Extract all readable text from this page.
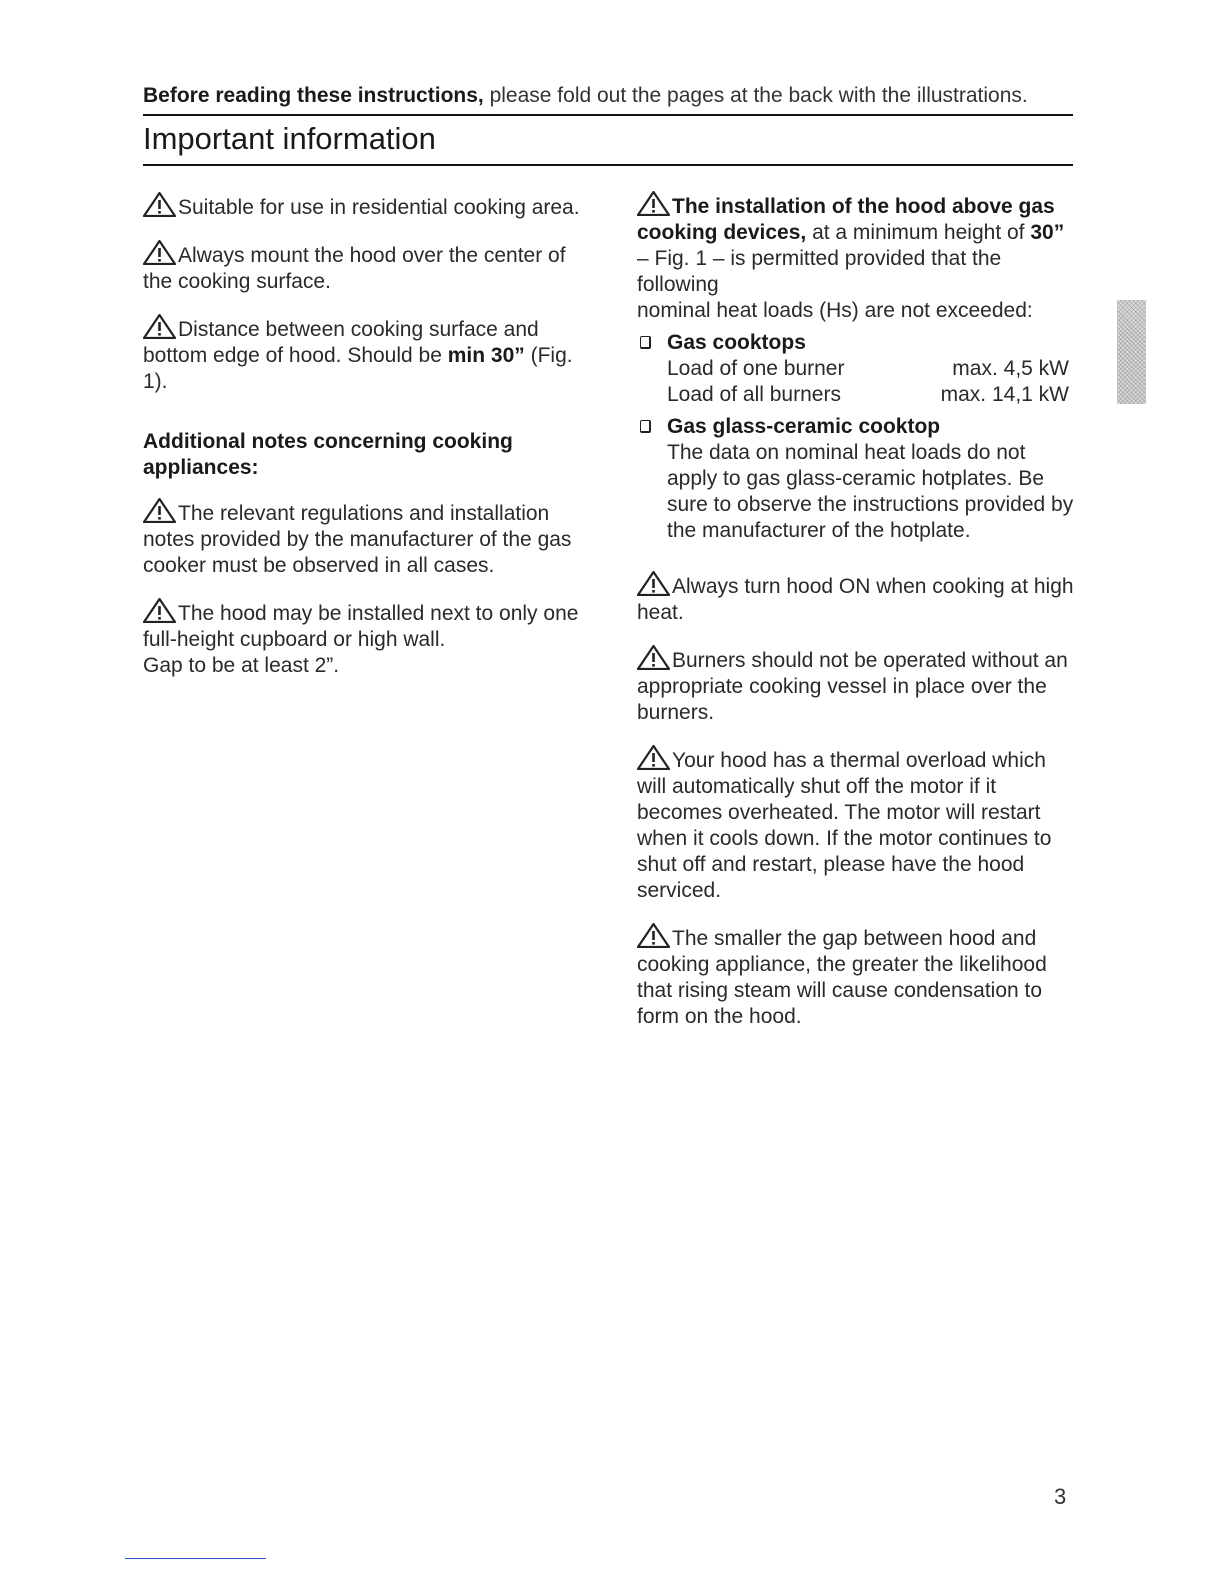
Before reading these instructions, please fold out the pages at the back with the illustrations.
Important information

Suitable for use in residential cooking area.

Always mount the hood over the center of the cooking surface.

Distance between cooking surface and bottom edge of hood. Should be min 30” (Fig. 1).

Additional notes concerning cooking appliances:

The relevant regulations and installation notes provided by the manufacturer of the gas cooker must be observed in all cases.

The hood may be installed next to only one full-height cupboard or high wall.
Gap to be at least 2”.

The installation of the hood above gas cooking devices, at a minimum height of 30” – Fig. 1 – is permitted provided that the following
nominal heat loads (Hs) are not exceeded:
Gas cooktops
Load of one burner	max. 4,5 kW
Load of all burners	max. 14,1 kW
Gas glass-ceramic cooktop
The data on nominal heat loads do not apply to gas glass-ceramic hotplates. Be sure to observe the instructions provided by the manufacturer of the hotplate.

Always turn hood ON when cooking at high heat.

Burners should not be operated without an appropriate cooking vessel in place over the burners.

Your hood has a thermal overload which will automatically shut off the motor if it becomes overheated. The motor will restart when it cools down. If the motor continues to shut off and restart, please have the hood serviced.

The smaller the gap between hood and cooking appliance, the greater the likelihood that rising steam will cause condensation to form on the hood.

3
